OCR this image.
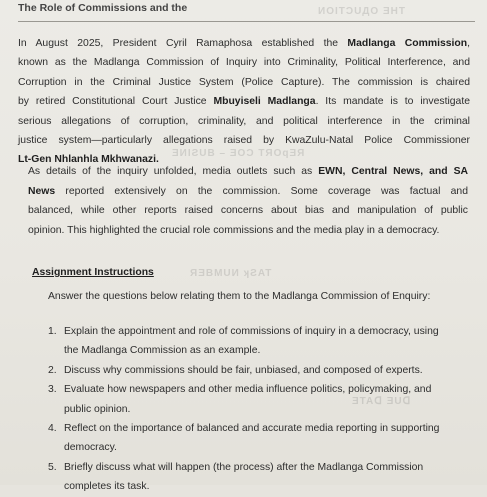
The Role of Commissions and the	ИOITƆUДO ƎHT
ƎИIƧUB – ƎOƆ TЯOqƎЯ
ЯƎBMUИ ʞƧAT
ƎTAᗡ ƎUᗡ
In August 2025, President Cyril Ramaphosa established the Madlanga Commission,
known as the Madlanga Commission of Inquiry into Criminality, Political Interference, and
Corruption in the Criminal Justice System (Police Capture). The commission is chaired
by retired Constitutional Court Justice Mbuyiseli Madlanga. Its mandate is to investigate
serious allegations of corruption, criminality, and political interference in the criminal
justice system—particularly allegations raised by KwaZulu-Natal Police Commissioner
Lt-Gen Nhlanhla Mkhwanazi.
As details of the inquiry unfolded, media outlets such as EWN, Central News, and SA
News reported extensively on the commission. Some coverage was factual and
balanced, while other reports raised concerns about bias and manipulation of public
opinion. This highlighted the crucial role commissions and the media play in a democracy.
Assignment Instructions
Answer the questions below relating them to the Madlanga Commission of Enquiry:
1. Explain the appointment and role of commissions of inquiry in a democracy, using
the Madlanga Commission as an example.
2. Discuss why commissions should be fair, unbiased, and composed of experts.
3. Evaluate how newspapers and other media influence politics, policymaking, and
public opinion.
4. Reflect on the importance of balanced and accurate media reporting in supporting
democracy.
5. Briefly discuss what will happen (the process) after the Madlanga Commission
completes its task.
